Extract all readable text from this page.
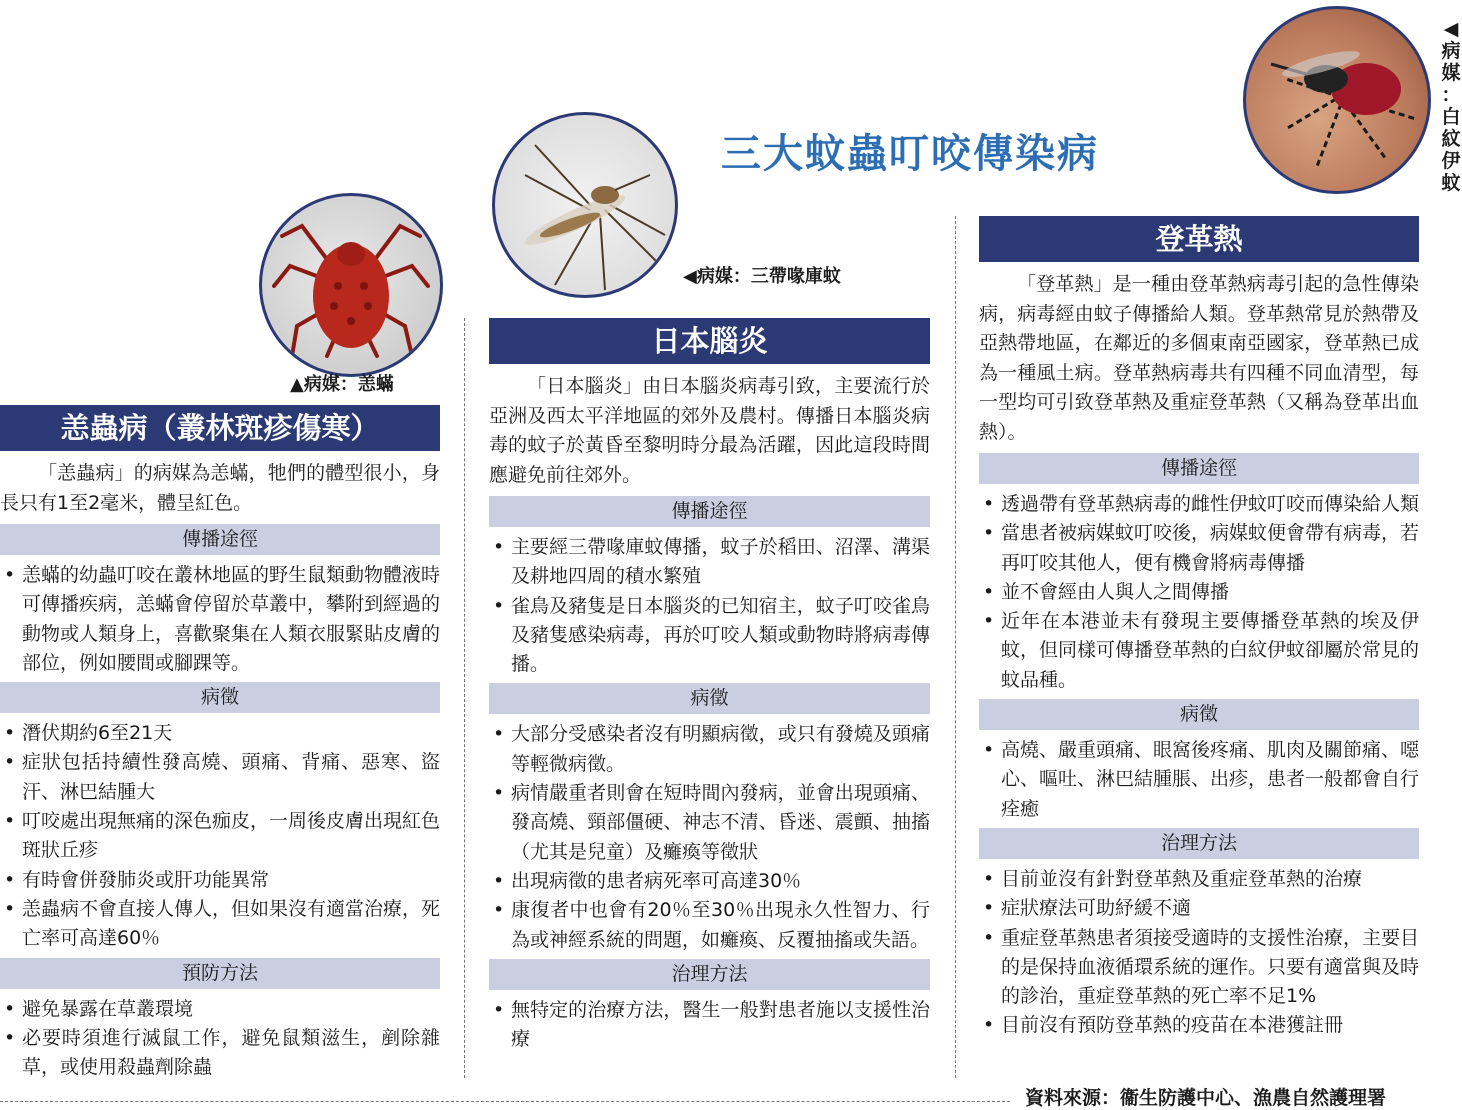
三大蚊蟲叮咬傳染病
▲病媒：恙蟎
◀病媒：三帶喙庫蚊
◀病媒：白紋伊蚊
恙蟲病（叢林斑疹傷寒）
「恙蟲病」的病媒為恙蟎，牠們的體型很小，身長只有1至2毫米，體呈紅色。
傳播途徑
• 恙蟎的幼蟲叮咬在叢林地區的野生鼠類動物體液時可傳播疾病，恙蟎會停留於草叢中，攀附到經過的動物或人類身上，喜歡聚集在人類衣服緊貼皮膚的部位，例如腰間或腳踝等。
病徵
• 潛伏期約6至21天
• 症狀包括持續性發高燒、頭痛、背痛、惡寒、盜汗、淋巴結腫大
• 叮咬處出現無痛的深色痂皮，一周後皮膚出現紅色斑狀丘疹
• 有時會併發肺炎或肝功能異常
• 恙蟲病不會直接人傳人，但如果沒有適當治療，死亡率可高達60％
預防方法
• 避免暴露在草叢環境
• 必要時須進行滅鼠工作，避免鼠類滋生，剷除雜草，或使用殺蟲劑除蟲
日本腦炎
「日本腦炎」由日本腦炎病毒引致，主要流行於亞洲及西太平洋地區的郊外及農村。傳播日本腦炎病毒的蚊子於黃昏至黎明時分最為活躍，因此這段時間應避免前往郊外。
傳播途徑
• 主要經三帶喙庫蚊傳播，蚊子於稻田、沼澤、溝渠及耕地四周的積水繁殖
• 雀鳥及豬隻是日本腦炎的已知宿主，蚊子叮咬雀鳥及豬隻感染病毒，再於叮咬人類或動物時將病毒傳播。
病徵
• 大部分受感染者沒有明顯病徵，或只有發燒及頭痛等輕微病徵。
• 病情嚴重者則會在短時間內發病，並會出現頭痛、發高燒、頸部僵硬、神志不清、昏迷、震顫、抽搐（尤其是兒童）及癱瘓等徵狀
• 出現病徵的患者病死率可高達30％
• 康復者中也會有20％至30％出現永久性智力、行為或神經系統的問題，如癱瘓、反覆抽搐或失語。
治理方法
• 無特定的治療方法，醫生一般對患者施以支援性治療
登革熱
「登革熱」是一種由登革熱病毒引起的急性傳染病，病毒經由蚊子傳播給人類。登革熱常見於熱帶及亞熱帶地區，在鄰近的多個東南亞國家，登革熱已成為一種風土病。登革熱病毒共有四種不同血清型，每一型均可引致登革熱及重症登革熱（又稱為登革出血熱）。
傳播途徑
• 透過帶有登革熱病毒的雌性伊蚊叮咬而傳染給人類
• 當患者被病媒蚊叮咬後，病媒蚊便會帶有病毒，若再叮咬其他人，便有機會將病毒傳播
• 並不會經由人與人之間傳播
• 近年在本港並未有發現主要傳播登革熱的埃及伊蚊，但同樣可傳播登革熱的白紋伊蚊卻屬於常見的蚊品種。
病徵
• 高燒、嚴重頭痛、眼窩後疼痛、肌肉及關節痛、噁心、嘔吐、淋巴結腫脹、出疹，患者一般都會自行痊癒
治理方法
• 目前並沒有針對登革熱及重症登革熱的治療
• 症狀療法可助紓緩不適
• 重症登革熱患者須接受適時的支援性治療，主要目的是保持血液循環系統的運作。只要有適當與及時的診治，重症登革熱的死亡率不足1%
• 目前沒有預防登革熱的疫苗在本港獲註冊
資料來源：衞生防護中心、漁農自然護理署
